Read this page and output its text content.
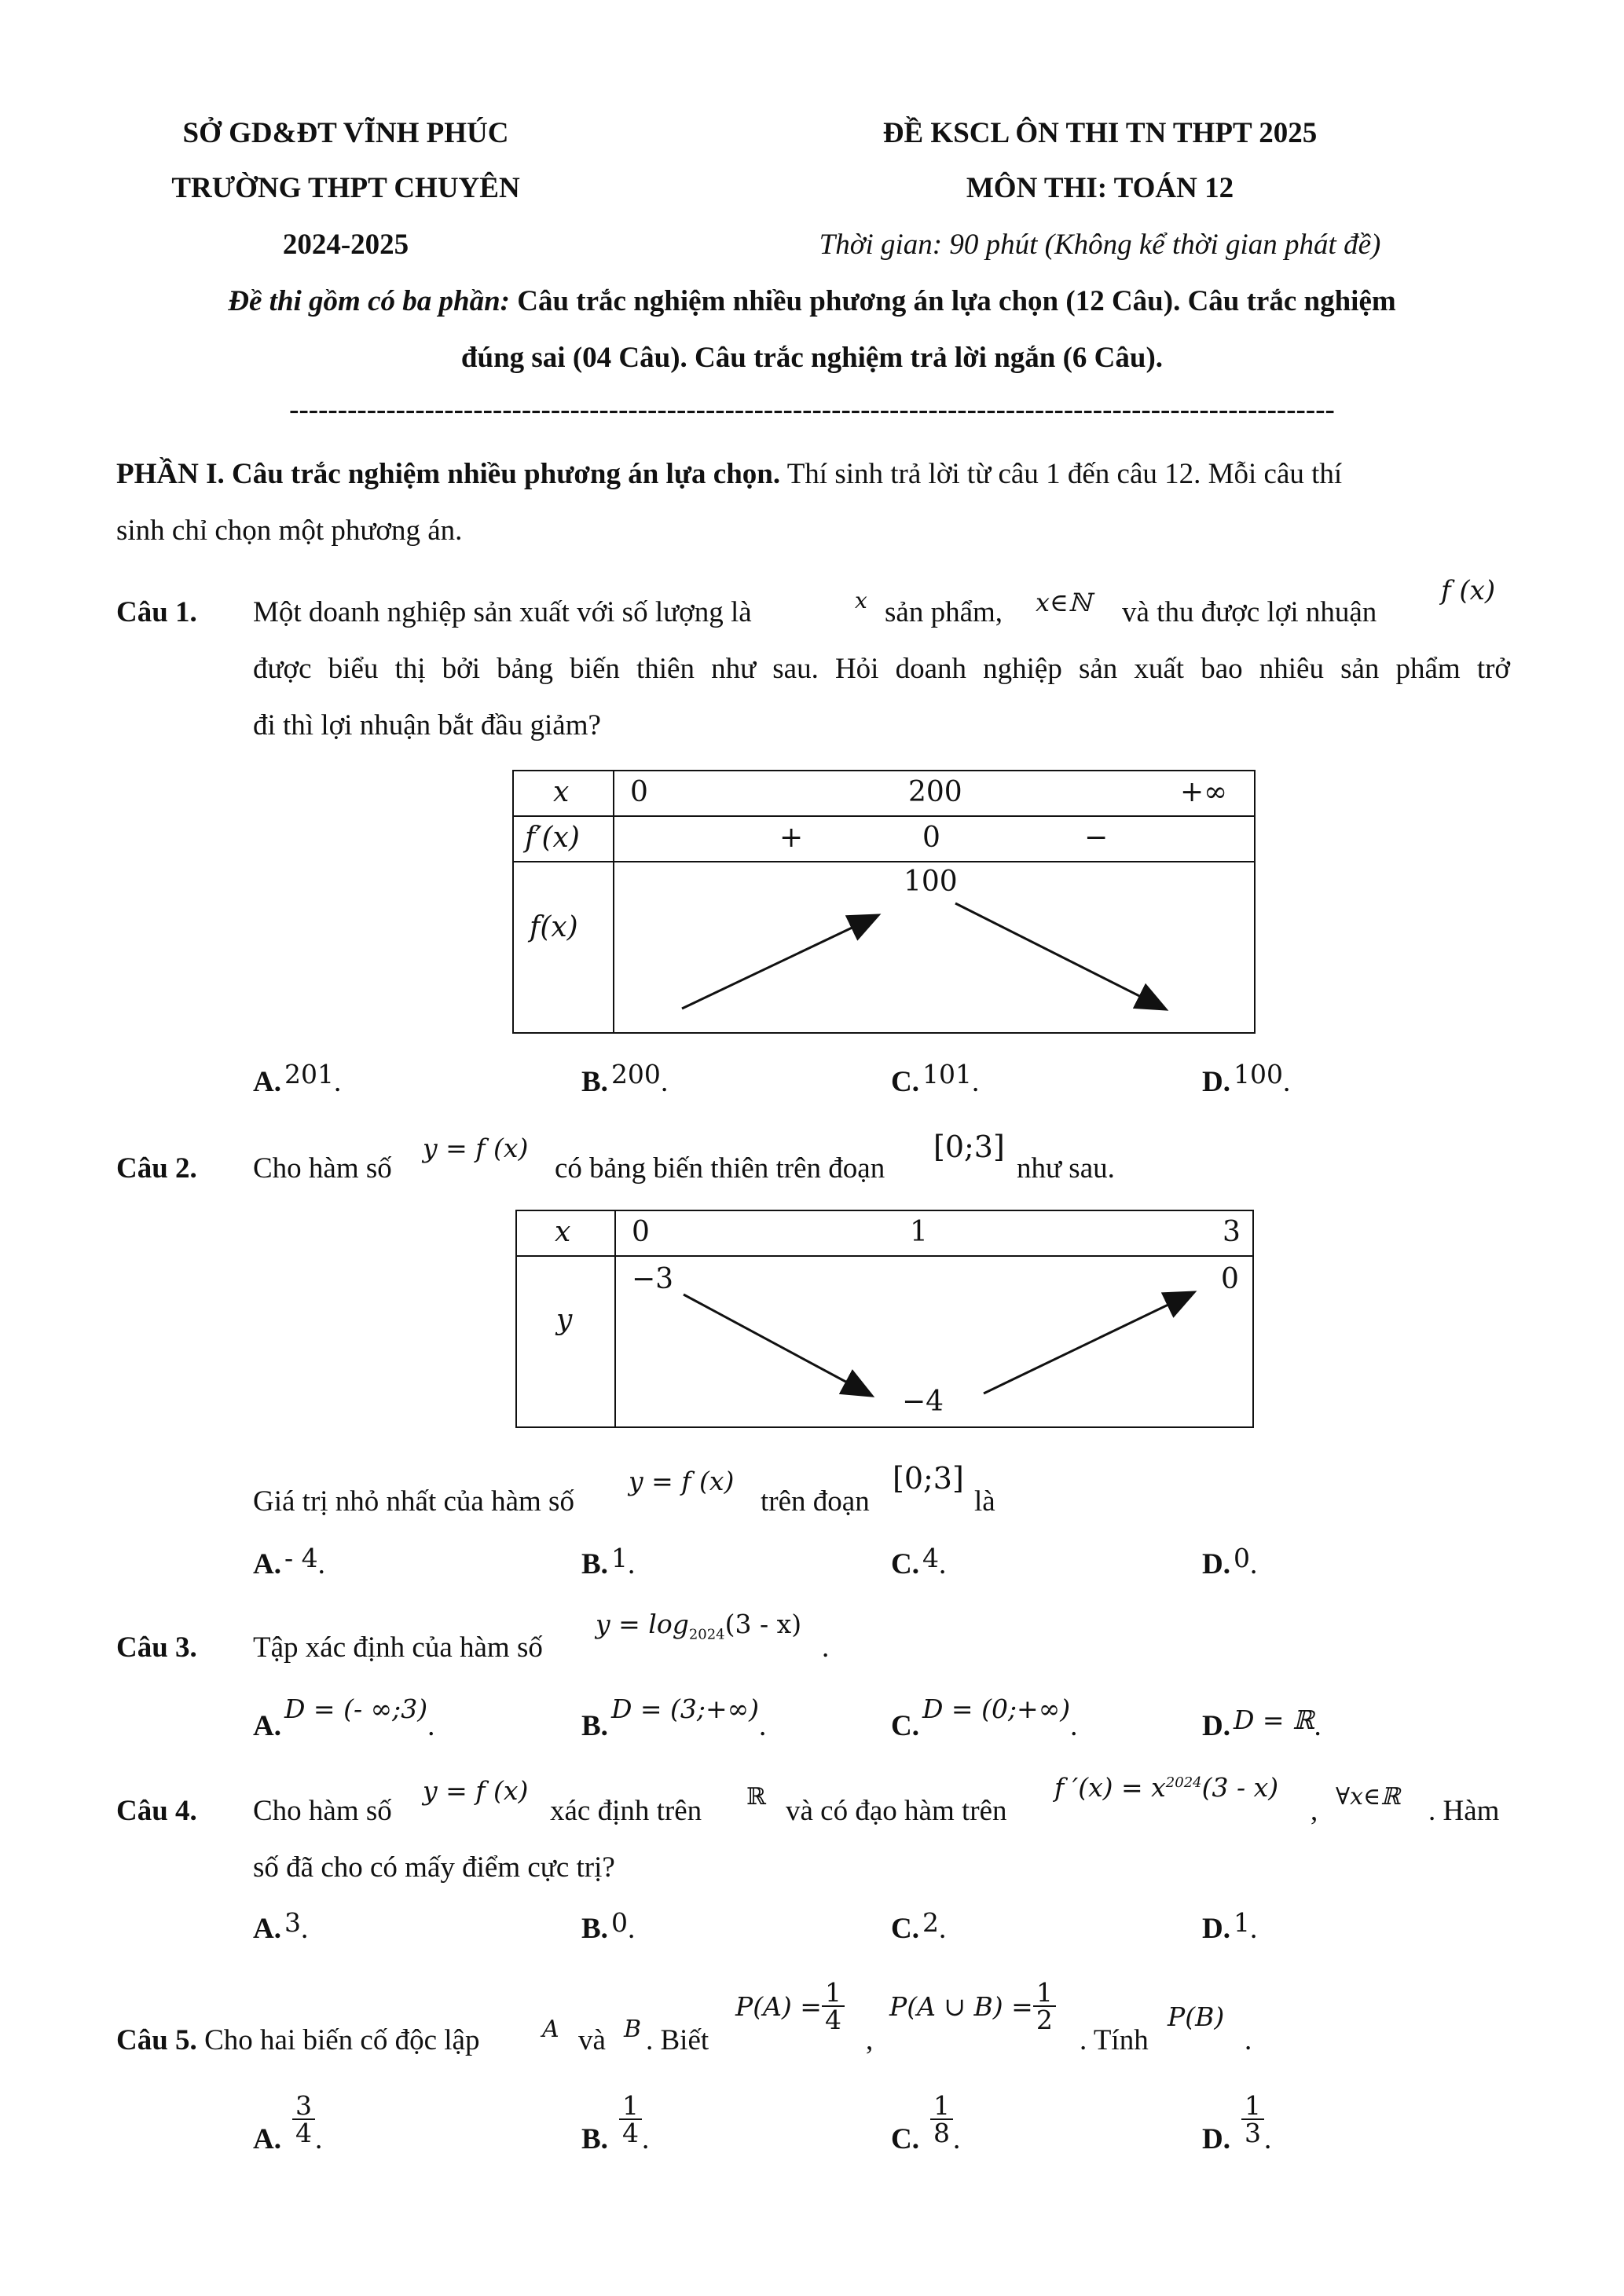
SỞ GD&ĐT VĨNH PHÚC
TRƯỜNG THPT CHUYÊN
2024-2025
ĐỀ KSCL ÔN THI TN THPT 2025
MÔN THI: TOÁN 12
Thời gian: 90 phút (Không kể thời gian phát đề)
Đề thi gồm có ba phần: Câu trắc nghiệm nhiều phương án lựa chọn (12 Câu). Câu trắc nghiệm
đúng sai (04 Câu). Câu trắc nghiệm trả lời ngắn (6 Câu).
------------------------------------------------------------------------------------------------------------
PHẦN I. Câu trắc nghiệm nhiều phương án lựa chọn. Thí sinh trả lời từ câu 1 đến câu 12. Mỗi câu thí
sinh chỉ chọn một phương án.
Câu 1. Một doanh nghiệp sản xuất với số lượng là	x sản phẩm, x∈ℕ và thu được lợi nhuận
f (x)
được biểu thị bởi bảng biến thiên như sau. Hỏi doanh nghiệp sản xuất bao nhiêu sản phẩm trở
đi thì lợi nhuận bắt đầu giảm?
x 0	200	+∞
f′(x)	+	0	−
f(x)
100
A. 201.	B. 200.	C. 101.	D. 100.
Câu 2. Cho hàm số
y = f (x)
có bảng biến thiên trên đoạn
[0;3]
như sau.
x 0	1	3
y
−3	0
−4
Giá trị nhỏ nhất của hàm số
y = f (x)
trên đoạn
[0;3]
là
A. - 4.	B. 1.	C. 4.	D. 0.
Câu 3. Tập xác định của hàm số
$y = \log_{2024}(3 - x)$
.
A. D = (- ∞;3).	B. D = (3;+∞).	C. D = (0;+∞).	D. D = ℝ.
Câu 4. Cho hàm số
y = f (x)
xác định trên ℝ và có đạo hàm trên
f $'(x) = x^{2024}(3 - x)$
, ∀x∈ℝ . Hàm
số đã cho có mấy điểm cực trị?
A. 3.	B. 0.	C. 2.	D. 1.
Câu 5. Cho hai biến cố độc lập	A và B . Biết
$P(A) = \frac{1}{4}$
,
P(A ∪ $B) = \frac{1}{2}$
. Tính
P(B)
.
A. $\frac{3}{4}$ .	B. $\frac{1}{4}$ .	C. $\frac{1}{8}$ .	D. $\frac{1}{3}$ .
